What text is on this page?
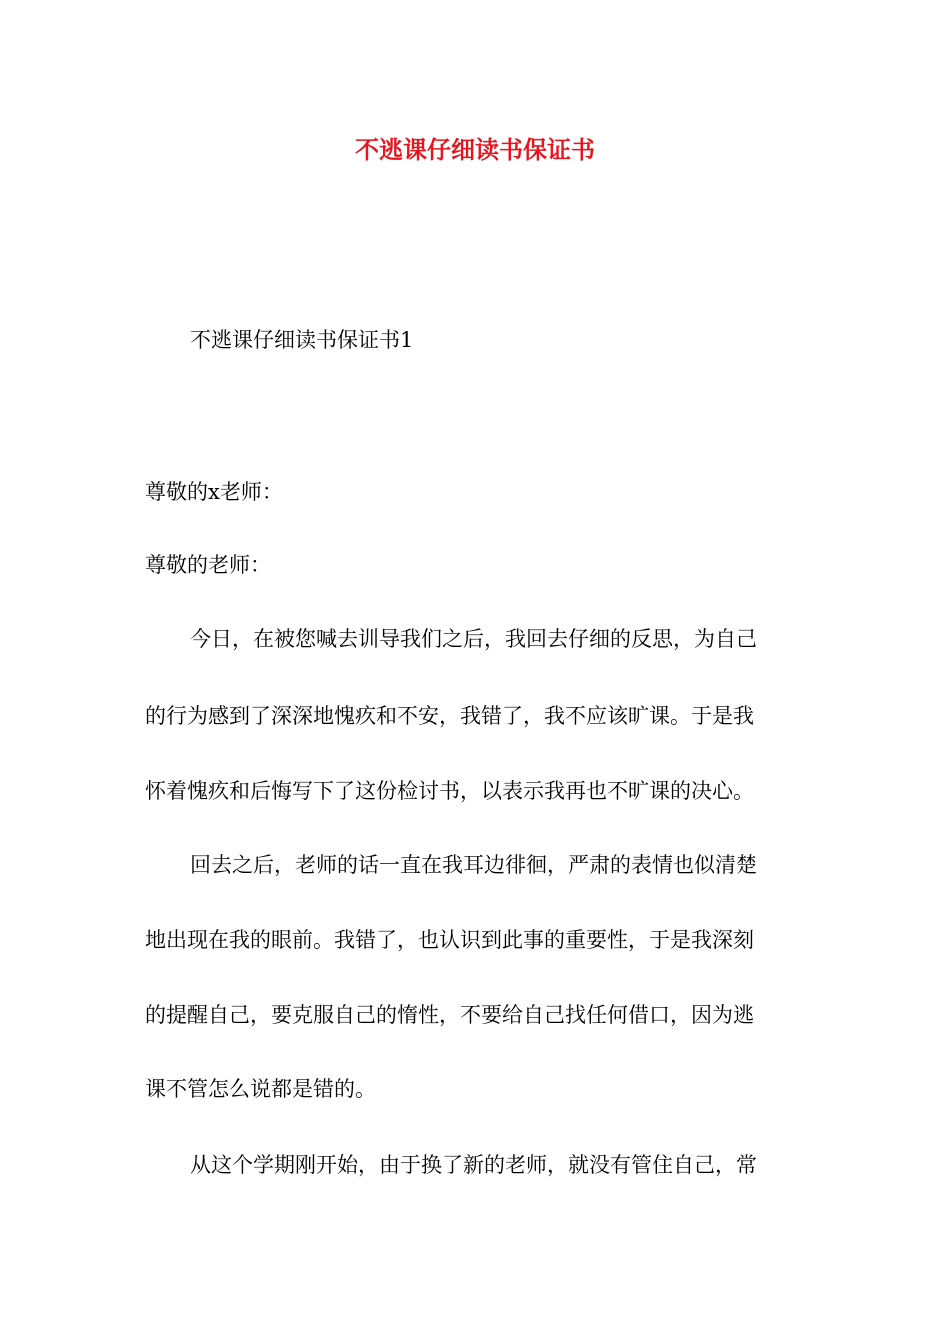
不逃课仔细读书保证书
不逃课仔细读书保证书1
尊敬的x老师：
尊敬的老师：
今日，在被您喊去训导我们之后，我回去仔细的反思，为自己
的行为感到了深深地愧疚和不安，我错了，我不应该旷课。于是我
怀着愧疚和后悔写下了这份检讨书，以表示我再也不旷课的决心。
回去之后，老师的话一直在我耳边徘徊，严肃的表情也似清楚
地出现在我的眼前。我错了，也认识到此事的重要性，于是我深刻
的提醒自己，要克服自己的惰性，不要给自己找任何借口，因为逃
课不管怎么说都是错的。
从这个学期刚开始，由于换了新的老师，就没有管住自己，常
